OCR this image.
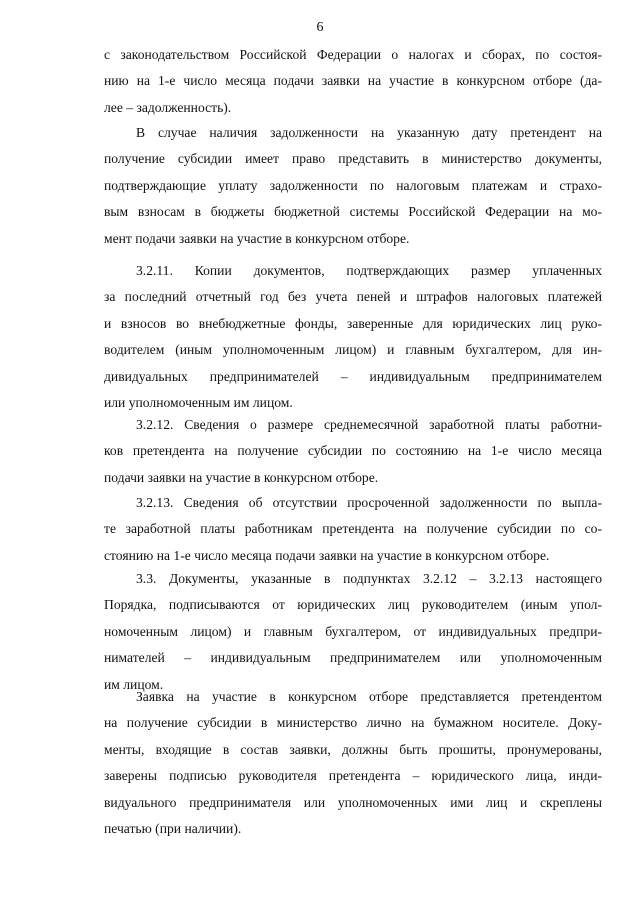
6
с законодательством Российской Федерации о налогах и сборах, по состоя-
нию на 1-е число месяца подачи заявки на участие в конкурсном отборе (да-
лее – задолженность).
В случае наличия задолженности на указанную дату претендент на
получение субсидии имеет право представить в министерство документы,
подтверждающие уплату задолженности по налоговым платежам и страхо-
вым взносам в бюджеты бюджетной системы Российской Федерации на мо-
мент подачи заявки на участие в конкурсном отборе.
3.2.11. Копии документов, подтверждающих размер уплаченных
за последний отчетный год без учета пеней и штрафов налоговых платежей
и взносов во внебюджетные фонды, заверенные для юридических лиц руко-
водителем (иным уполномоченным лицом) и главным бухгалтером, для ин-
дивидуальных предпринимателей – индивидуальным предпринимателем
или уполномоченным им лицом.
3.2.12. Сведения о размере среднемесячной заработной платы работни-
ков претендента на получение субсидии по состоянию на 1-е число месяца
подачи заявки на участие в конкурсном отборе.
3.2.13. Сведения об отсутствии просроченной задолженности по выпла-
те заработной платы работникам претендента на получение субсидии по со-
стоянию на 1-е число месяца подачи заявки на участие в конкурсном отборе.
3.3. Документы, указанные в подпунктах 3.2.12 – 3.2.13 настоящего
Порядка, подписываются от юридических лиц руководителем (иным упол-
номоченным лицом) и главным бухгалтером, от индивидуальных предпри-
нимателей – индивидуальным предпринимателем или уполномоченным
им лицом.
Заявка на участие в конкурсном отборе представляется претендентом
на получение субсидии в министерство лично на бумажном носителе. Доку-
менты, входящие в состав заявки, должны быть прошиты, пронумерованы,
заверены подписью руководителя претендента – юридического лица, инди-
видуального предпринимателя или уполномоченных ими лиц и скреплены
печатью (при наличии).
